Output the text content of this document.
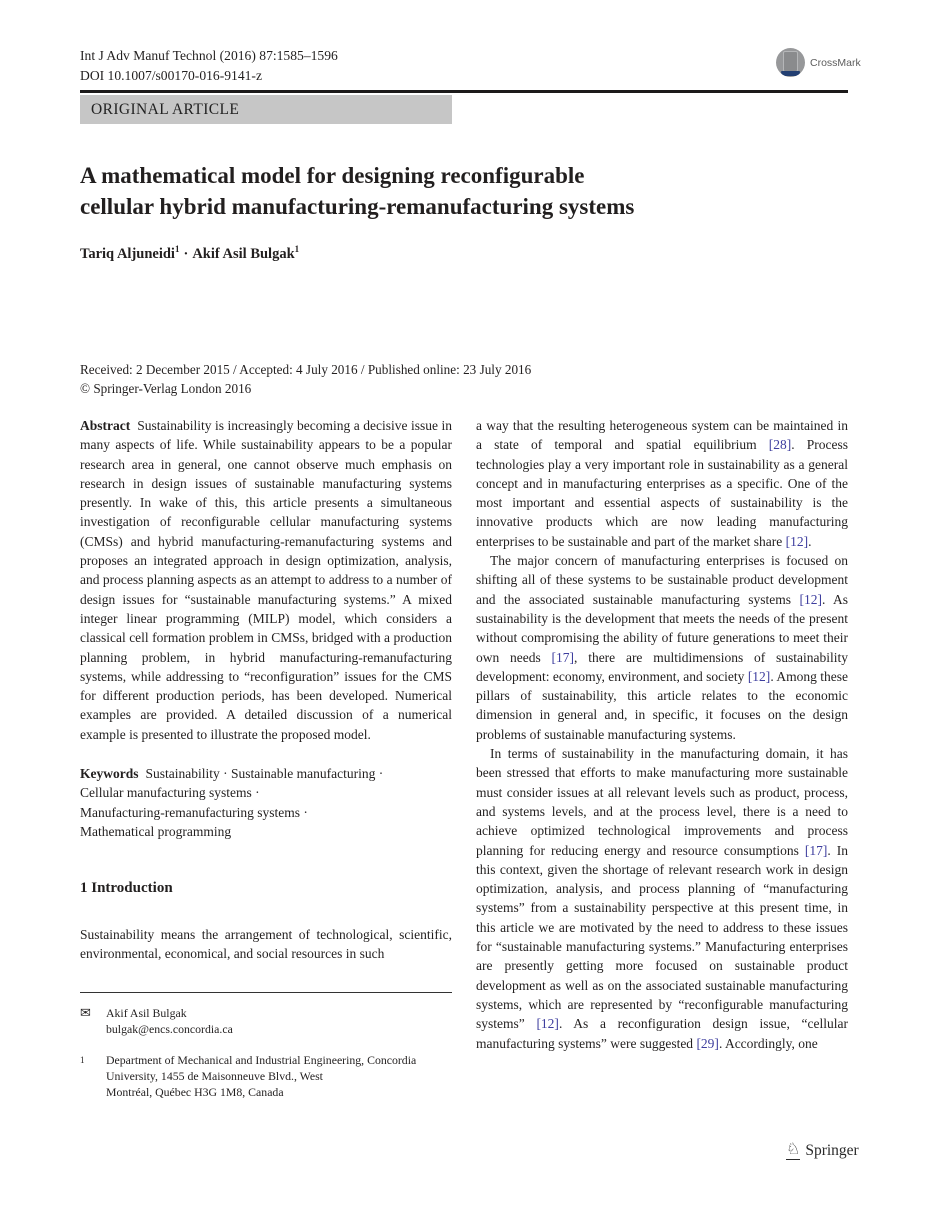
Int J Adv Manuf Technol (2016) 87:1585–1596
DOI 10.1007/s00170-016-9141-z
CrossMark
ORIGINAL ARTICLE
A mathematical model for designing reconfigurable
cellular hybrid manufacturing-remanufacturing systems
Tariq Aljuneidi$^1$ · Akif Asil Bulgak$^1$
Received: 2 December 2015 / Accepted: 4 July 2016 / Published online: 23 July 2016
© Springer-Verlag London 2016

Abstract Sustainability is increasingly becoming a decisive issue in many aspects of life. While sustainability appears to be a popular research area in general, one cannot observe much emphasis on research in design issues of sustainable manufacturing systems presently. In wake of this, this article presents a simultaneous investigation of reconfigurable cellular manufacturing systems (CMSs) and hybrid manufacturing-remanufacturing systems and proposes an integrated approach in design optimization, analysis, and process planning aspects as an attempt to address to a number of design issues for “sustainable manufacturing systems.” A mixed integer linear programming (MILP) model, which considers a classical cell formation problem in CMSs, bridged with a production planning problem, in hybrid manufacturing-remanufacturing systems, while addressing to “reconfiguration” issues for the CMS for different production periods, has been developed. Numerical examples are provided. A detailed discussion of a numerical example is presented to illustrate the proposed model.

Keywords Sustainability · Sustainable manufacturing ·
Cellular manufacturing systems ·
Manufacturing-remanufacturing systems ·
Mathematical programming
1 Introduction

Sustainability means the arrangement of technological, scientific, environmental, economical, and social resources in such

a way that the resulting heterogeneous system can be maintained in a state of temporal and spatial equilibrium [28]. Process technologies play a very important role in sustainability as a general concept and in manufacturing enterprises as a specific. One of the most important and essential aspects of sustainability is the innovative products which are now leading manufacturing enterprises to be sustainable and part of the market share [12].

The major concern of manufacturing enterprises is focused on shifting all of these systems to be sustainable product development and the associated sustainable manufacturing systems [12]. As sustainability is the development that meets the needs of the present without compromising the ability of future generations to meet their own needs [17], there are multidimensions of sustainability development: economy, environment, and society [12]. Among these pillars of sustainability, this article relates to the economic dimension in general and, in specific, it focuses on the design problems of sustainable manufacturing systems.

In terms of sustainability in the manufacturing domain, it has been stressed that efforts to make manufacturing more sustainable must consider issues at all relevant levels such as product, process, and systems levels, and at the process level, there is a need to achieve optimized technological improvements and process planning for reducing energy and resource consumptions [17]. In this context, given the shortage of relevant research work in design optimization, analysis, and process planning of “manufacturing systems” from a sustainability perspective at this present time, in this article we are motivated by the need to address to these issues for “sustainable manufacturing systems.” Manufacturing enterprises are presently getting more focused on sustainable product development as well as on the associated sustainable manufacturing systems, which are represented by “reconfigurable manufacturing systems” [12]. As a reconfiguration design issue, “cellular manufacturing systems” were suggested [29]. Accordingly, one

✉	Akif Asil Bulgak
bulgak@encs.concordia.ca
$^1$	Department of Mechanical and Industrial Engineering, Concordia
University, 1455 de Maisonneuve Blvd., West
Montréal, Québec H3G 1M8, Canada
♘ Springer
